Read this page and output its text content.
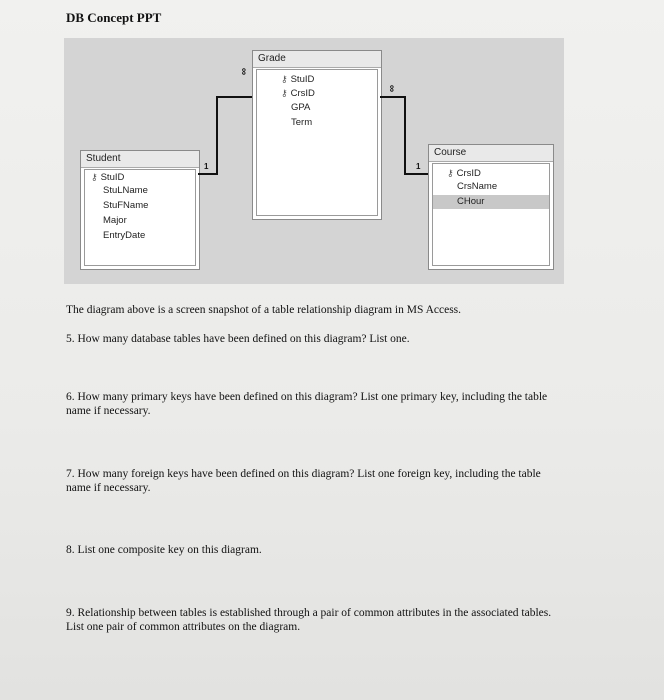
DB Concept PPT
Grade
⚷ StuID
⚷ CrsID
GPA
Term
Student
⚷ StuID
StuLName
StuFName
Major
EntryDate
Course
⚷ CrsID
CrsName
CHour
1
∞
∞
1
The diagram above is a screen snapshot of a table relationship diagram in MS Access.
5. How many database tables have been defined on this diagram? List one.
6. How many primary keys have been defined on this diagram? List one primary key, including the table
name if necessary.
7. How many foreign keys have been defined on this diagram? List one foreign key, including the table
name if necessary.
8. List one composite key on this diagram.
9. Relationship between tables is established through a pair of common attributes in the associated tables.
List one pair of common attributes on the diagram.
